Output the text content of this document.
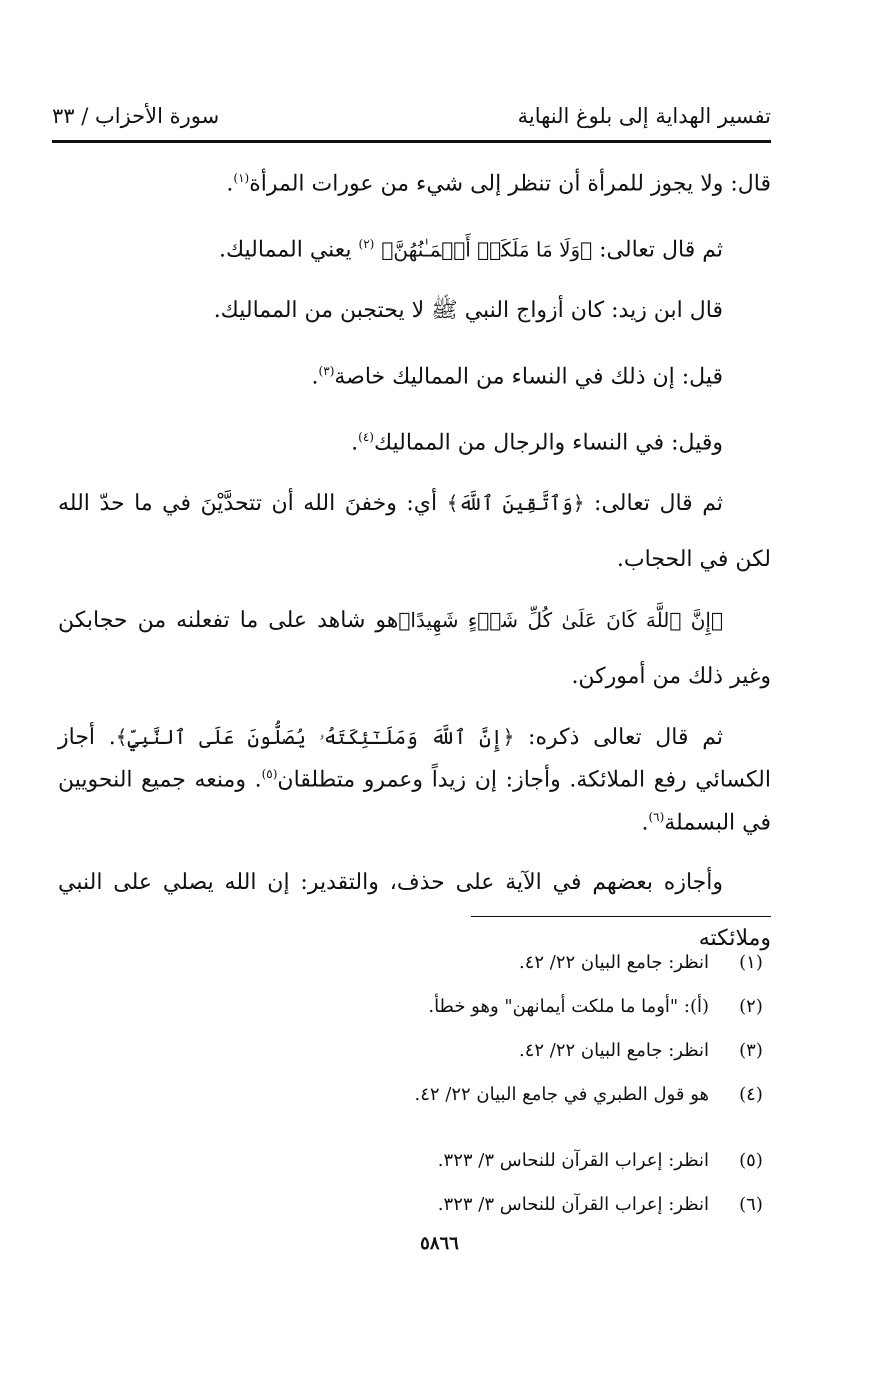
تفسير الهداية إلى بلوغ النهاية
سورة الأحزاب / ٣٣

قال: ولا يجوز للمرأة أن تنظر إلى شيء من عورات المرأة$^{(١)}$.

ثم قال تعالى: ﴿وَلَا مَا مَلَكَتۡ أَيۡمَـٰنُهُنَّ﴾ $^{(٢)}$ يعني المماليك.

قال ابن زيد: كان أزواج النبي ﷺ لا يحتجبن من المماليك.

قيل: إن ذلك في النساء من المماليك خاصة$^{(٣)}$.

وقيل: في النساء والرجال من المماليك$^{(٤)}$.

ثم قال تعالى: ﴿وَٱتَّقِينَ ٱللَّهَ﴾ أي: وخفنَ الله أن تتحدَّيْنَ في ما حدّ الله لكن في الحجاب.

﴿إِنَّ ٱللَّهَ كَانَ عَلَىٰ كُلِّ شَيۡءٍ شَهِيدًا﴾هو شاهد على ما تفعلنه من حجابكن وغير ذلك من أموركن.

ثم قال تعالى ذكره: ﴿إِنَّ ٱللَّهَ وَمَلَـٰٓئِكَتَهُۥ يُصَلُّونَ عَلَى ٱلنَّبِيِّ﴾. أجاز الكسائي رفع الملائكة. وأجاز: إن زيداً وعمرو متطلقان$^{(٥)}$. ومنعه جميع النحويين في البسملة$^{(٦)}$.

وأجازه بعضهم في الآية على حذف، والتقدير: إن الله يصلي على النبي وملائكته

(١)
انظر: جامع البيان ٢٢/ ٤٢.
(٢)
(أ): "أوما ما ملكت أيمانهن" وهو خطأ.
(٣)
انظر: جامع البيان ٢٢/ ٤٢.
(٤)
هو قول الطبري في جامع البيان ٢٢/ ٤٢.
(٥)
انظر: إعراب القرآن للنحاس ٣/ ٣٢٣.
(٦)
انظر: إعراب القرآن للنحاس ٣/ ٣٢٣.
٥٨٦٦
